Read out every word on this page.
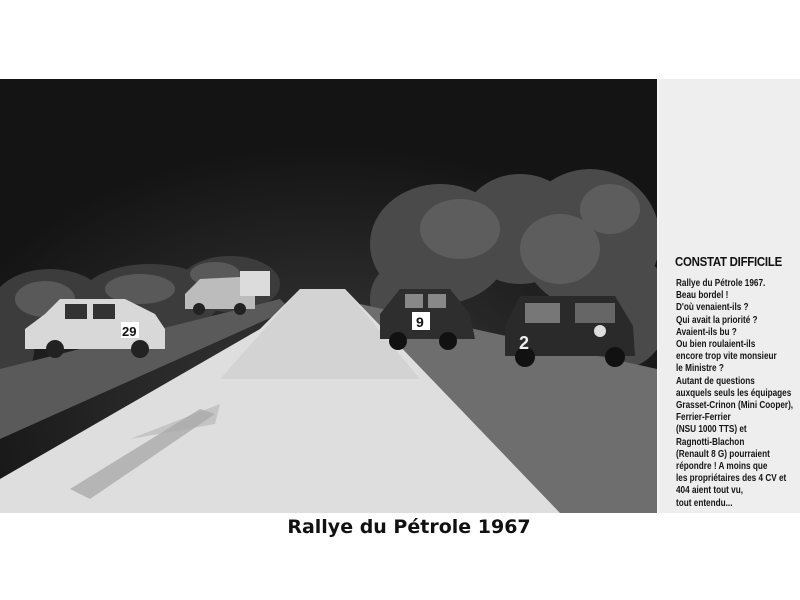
29
9
2
CONSTAT DIFFICILE
Rallye du Pétrole 1967.
Beau bordel !
D'où venaient-ils ?
Qui avait la priorité ?
Avaient-ils bu ?
Ou bien roulaient-ils
encore trop vite monsieur
le Ministre ?
Autant de questions
auxquels seuls les équipages
Grasset-Crinon (Mini Cooper),
Ferrier-Ferrier
(NSU 1000 TTS) et
Ragnotti-Blachon
(Renault 8 G) pourraient
répondre ! A moins que
les propriétaires des 4 CV et
404 aient tout vu,
tout entendu...
Rallye du Pétrole 1967
